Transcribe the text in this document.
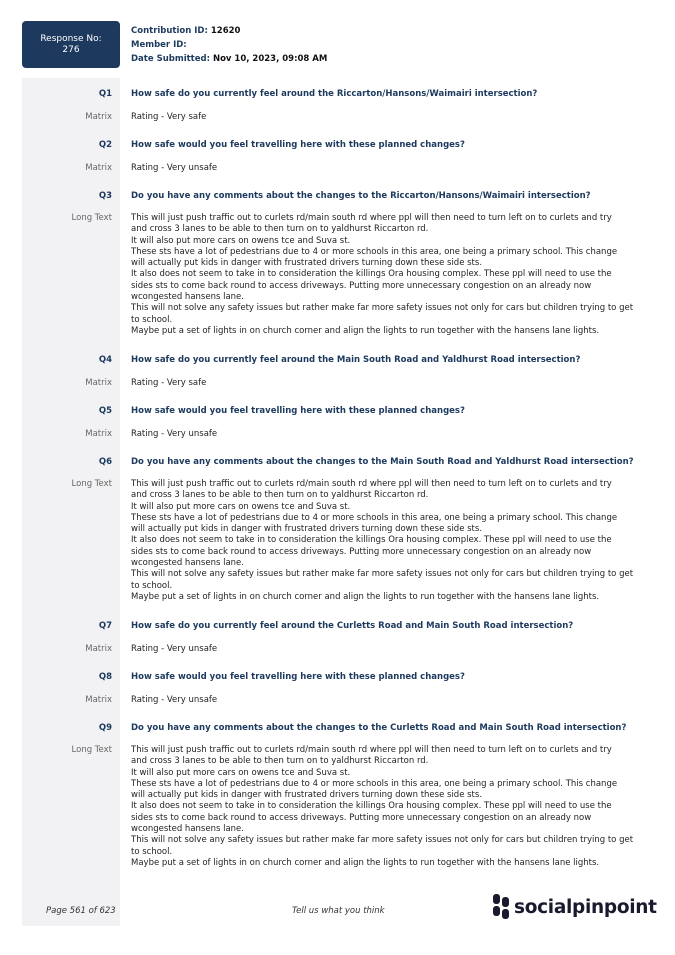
Response No:
276
Contribution ID: 12620
Member ID:
Date Submitted: Nov 10, 2023, 09:08 AM
Q1 How safe do you currently feel around the Riccarton/Hansons/Waimairi intersection?
Matrix Rating - Very safe
Q2 How safe would you feel travelling here with these planned changes?
Matrix Rating - Very unsafe
Q3 Do you have any comments about the changes to the Riccarton/Hansons/Waimairi intersection?
Long Text This will just push traffic out to curlets rd/main south rd where ppl will then need to turn left on to curlets and try
and cross 3 lanes to be able to then turn on to yaldhurst Riccarton rd.
It will also put more cars on owens tce and Suva st.
These sts have a lot of pedestrians due to 4 or more schools in this area, one being a primary school. This change
will actually put kids in danger with frustrated drivers turning down these side sts.
It also does not seem to take in to consideration the killings Ora housing complex. These ppl will need to use the
sides sts to come back round to access driveways. Putting more unnecessary congestion on an already now
wcongested hansens lane.
This will not solve any safety issues but rather make far more safety issues not only for cars but children trying to get
to school.
Maybe put a set of lights in on church corner and align the lights to run together with the hansens lane lights.
Q4 How safe do you currently feel around the Main South Road and Yaldhurst Road intersection?
Matrix Rating - Very safe
Q5 How safe would you feel travelling here with these planned changes?
Matrix Rating - Very unsafe
Q6 Do you have any comments about the changes to the Main South Road and Yaldhurst Road intersection?
Long Text This will just push traffic out to curlets rd/main south rd where ppl will then need to turn left on to curlets and try
and cross 3 lanes to be able to then turn on to yaldhurst Riccarton rd.
It will also put more cars on owens tce and Suva st.
These sts have a lot of pedestrians due to 4 or more schools in this area, one being a primary school. This change
will actually put kids in danger with frustrated drivers turning down these side sts.
It also does not seem to take in to consideration the killings Ora housing complex. These ppl will need to use the
sides sts to come back round to access driveways. Putting more unnecessary congestion on an already now
wcongested hansens lane.
This will not solve any safety issues but rather make far more safety issues not only for cars but children trying to get
to school.
Maybe put a set of lights in on church corner and align the lights to run together with the hansens lane lights.
Q7 How safe do you currently feel around the Curletts Road and Main South Road intersection?
Matrix Rating - Very unsafe
Q8 How safe would you feel travelling here with these planned changes?
Matrix Rating - Very unsafe
Q9 Do you have any comments about the changes to the Curletts Road and Main South Road intersection?
Long Text This will just push traffic out to curlets rd/main south rd where ppl will then need to turn left on to curlets and try
and cross 3 lanes to be able to then turn on to yaldhurst Riccarton rd.
It will also put more cars on owens tce and Suva st.
These sts have a lot of pedestrians due to 4 or more schools in this area, one being a primary school. This change
will actually put kids in danger with frustrated drivers turning down these side sts.
It also does not seem to take in to consideration the killings Ora housing complex. These ppl will need to use the
sides sts to come back round to access driveways. Putting more unnecessary congestion on an already now
wcongested hansens lane.
This will not solve any safety issues but rather make far more safety issues not only for cars but children trying to get
to school.
Maybe put a set of lights in on church corner and align the lights to run together with the hansens lane lights.
Page 561 of 623	Tell us what you think	socialpinpoint
